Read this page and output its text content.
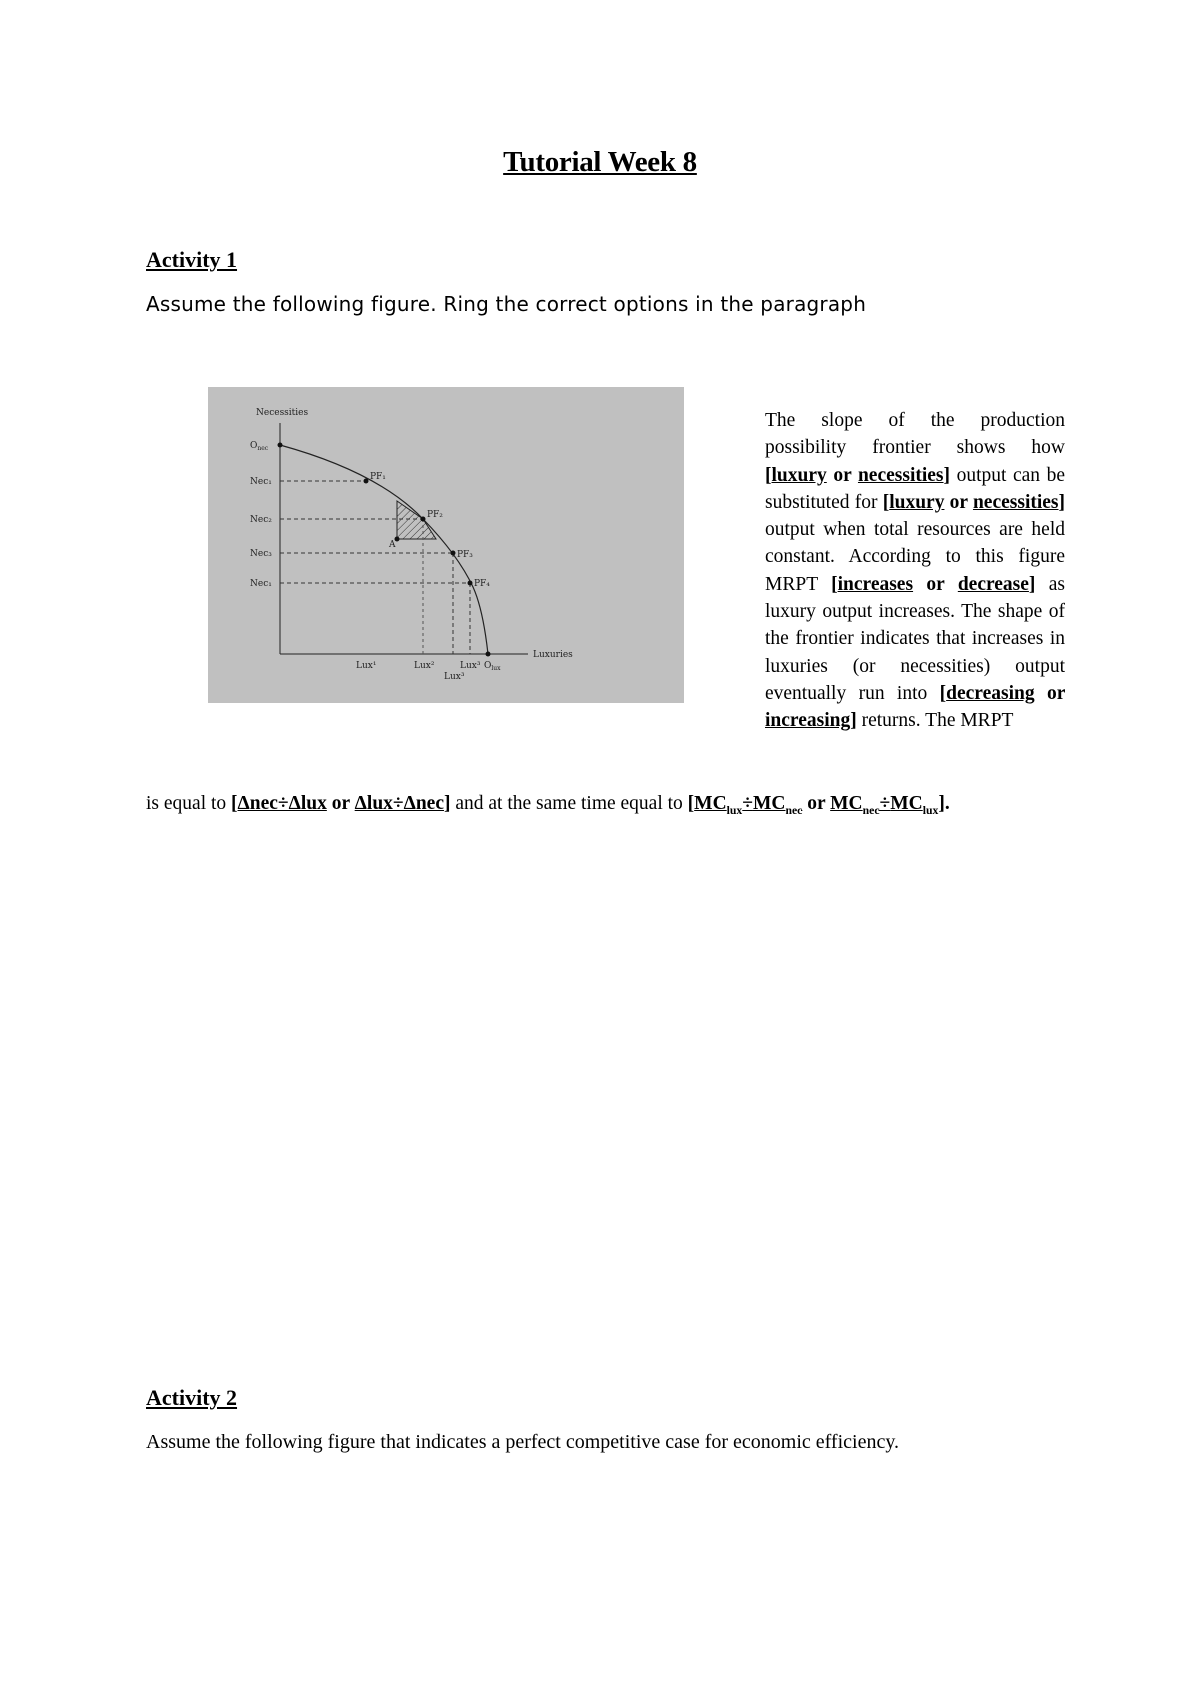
Tutorial Week 8
Activity 1
Assume the following figure. Ring the correct options in the paragraph
Necessities
Luxuries
$O_{nec}$
Nec₁
Nec₂
Nec₃
Nec₁
Lux¹	Lux²
Lux³
Lux³ $O_{lux}$
PF₁
PF₂
PF₃
PF₄
A
The slope of the production possibility frontier shows how [luxury or necessities] output can be substituted for [luxury or necessities] output when total resources are held constant. According to this figure MRPT [increases or decrease] as luxury output increases. The shape of the frontier indicates that increases in luxuries (or necessities) output eventually run into [decreasing or increasing] returns. The MRPT
is equal to [Δnec÷Δlux or Δlux÷Δnec] and at the same time equal to [$MC_{lux}\div MC_{nec}$ or $MC_{nec}\div MC_{lux}$].
Activity 2
Assume the following figure that indicates a perfect competitive case for economic efficiency.
